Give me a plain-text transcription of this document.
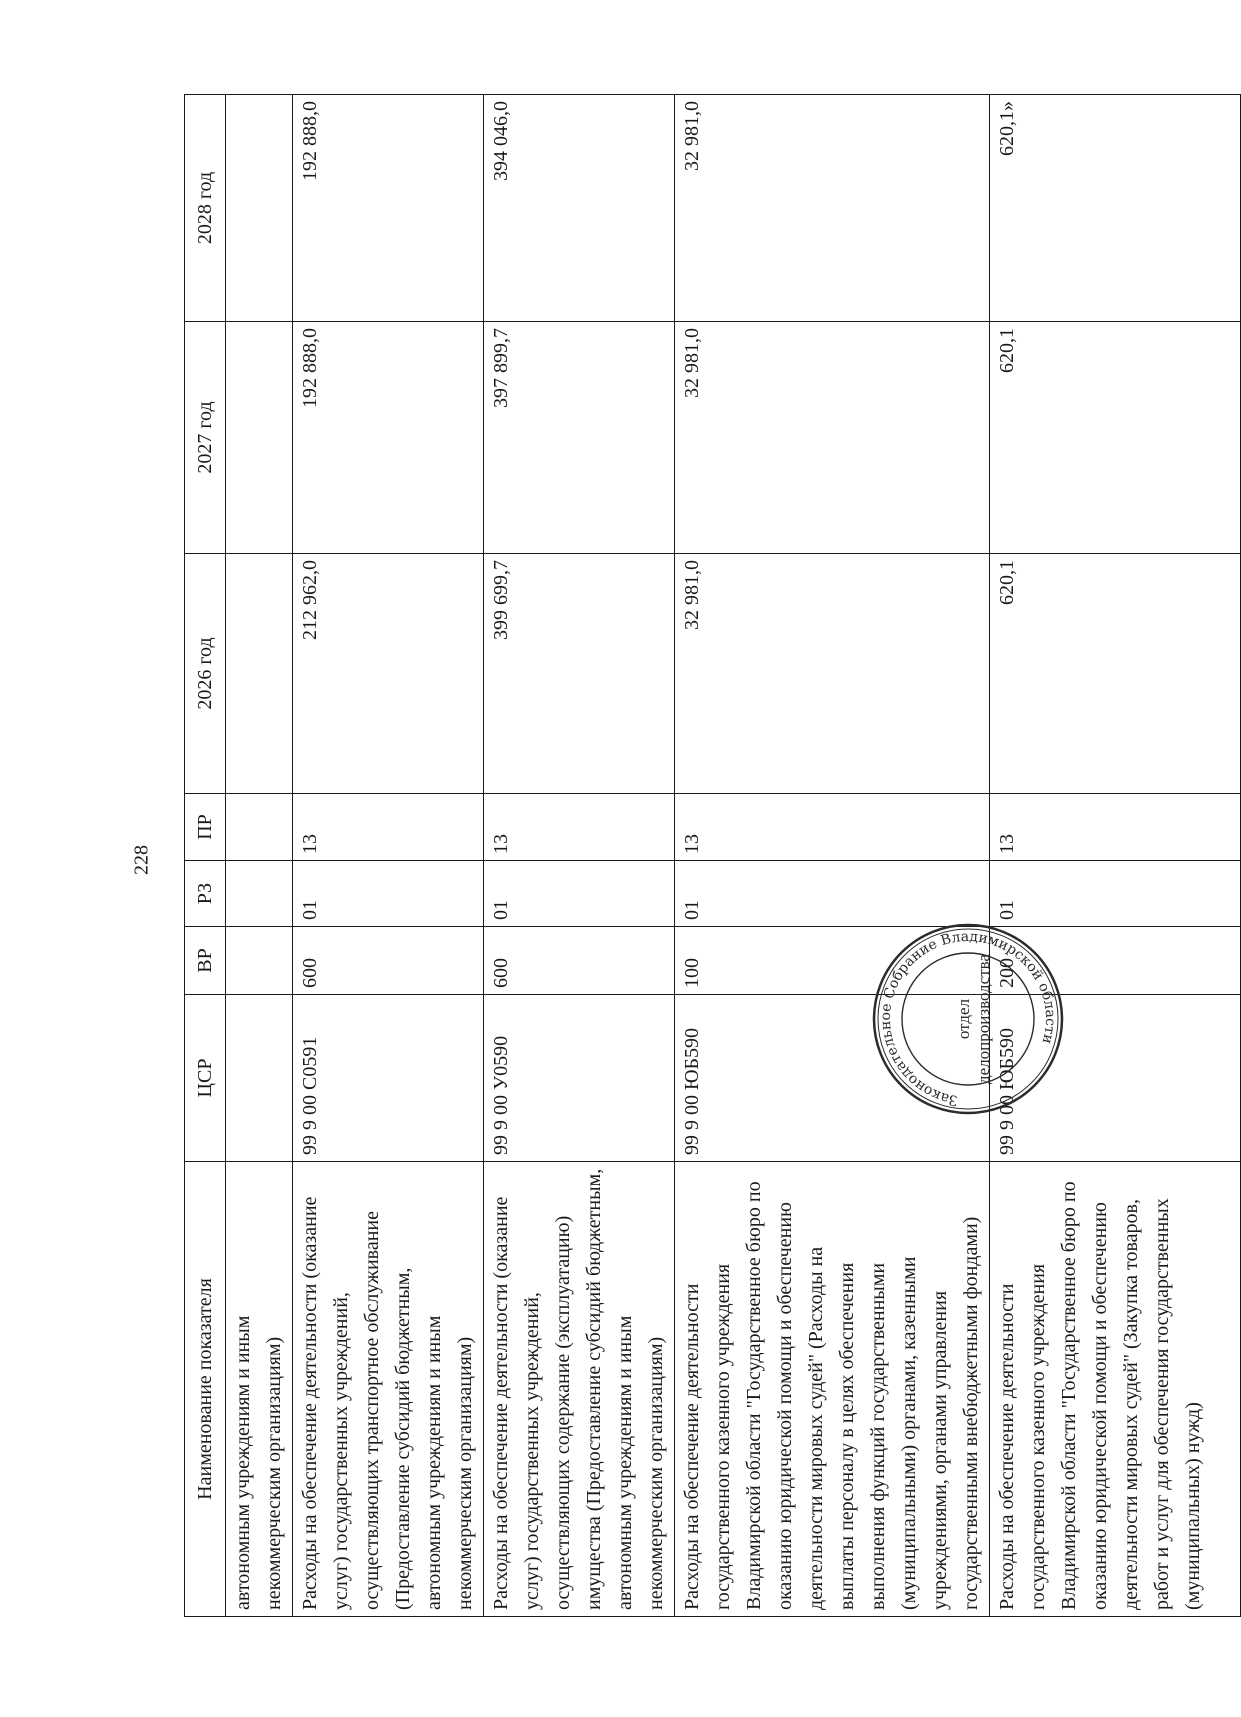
228
Наименование показателя	ЦСР	ВР	РЗ	ПР	2026 год	2027 год	2028 год
автономным учреждениям и иным некоммерческим организациям)							
Расходы на обеспечение деятельности (оказание услуг) государственных учреждений, осуществляющих транспортное обслуживание (Предоставление субсидий бюджетным, автономным учреждениям и иным некоммерческим организациям)	99 9 00 С0591	600	01	13	212 962,0	192 888,0	192 888,0
Расходы на обеспечение деятельности (оказание услуг) государственных учреждений, осуществляющих содержание (эксплуатацию) имущества (Предоставление субсидий бюджетным, автономным учреждениям и иным некоммерческим организациям)	99 9 00 У0590	600	01	13	399 699,7	397 899,7	394 046,0
Расходы на обеспечение деятельности государственного казенного учреждения Владимирской области "Государственное бюро по оказанию юридической помощи и обеспечению деятельности мировых судей" (Расходы на выплаты персоналу в целях обеспечения выполнения функций государственными (муниципальными) органами, казенными учреждениями, органами управления государственными внебюджетными фондами)	99 9 00 ЮБ590	100	01	13	32 981,0	32 981,0	32 981,0
Расходы на обеспечение деятельности государственного казенного учреждения Владимирской области "Государственное бюро по оказанию юридической помощи и обеспечению деятельности мировых судей" (Закупка товаров, работ и услуг для обеспечения государственных (муниципальных) нужд)	99 9 00 ЮБ590	200	01	13	620,1	620,1	620,1»
Законодательное Собрание Владимирской области
отдел делопроизводства
